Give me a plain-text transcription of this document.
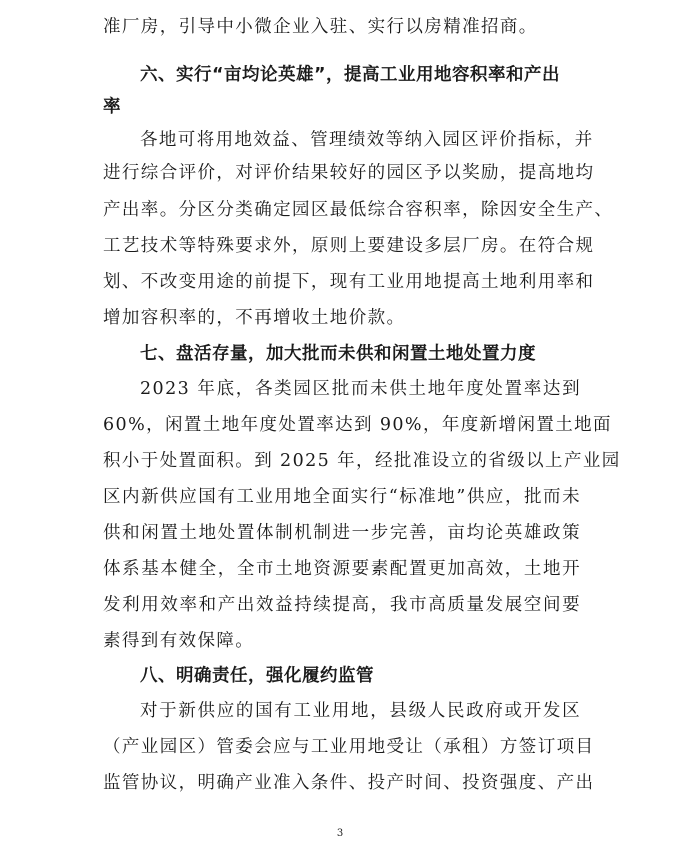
准厂房，引导中小微企业入驻、实行以房精准招商。
六、实行“亩均论英雄”，提高工业用地容积率和产出
率
各地可将用地效益、管理绩效等纳入园区评价指标，并
进行综合评价，对评价结果较好的园区予以奖励，提高地均
产出率。分区分类确定园区最低综合容积率，除因安全生产、
工艺技术等特殊要求外，原则上要建设多层厂房。在符合规
划、不改变用途的前提下，现有工业用地提高土地利用率和
增加容积率的，不再增收土地价款。
七、盘活存量，加大批而未供和闲置土地处置力度
2023 年底，各类园区批而未供土地年度处置率达到
60%，闲置土地年度处置率达到 90%，年度新增闲置土地面
积小于处置面积。到 2025 年，经批准设立的省级以上产业园
区内新供应国有工业用地全面实行“标准地”供应，批而未
供和闲置土地处置体制机制进一步完善，亩均论英雄政策
体系基本健全，全市土地资源要素配置更加高效，土地开
发利用效率和产出效益持续提高，我市高质量发展空间要
素得到有效保障。
八、明确责任，强化履约监管
对于新供应的国有工业用地，县级人民政府或开发区
（产业园区）管委会应与工业用地受让（承租）方签订项目
监管协议，明确产业准入条件、投产时间、投资强度、产出
3
